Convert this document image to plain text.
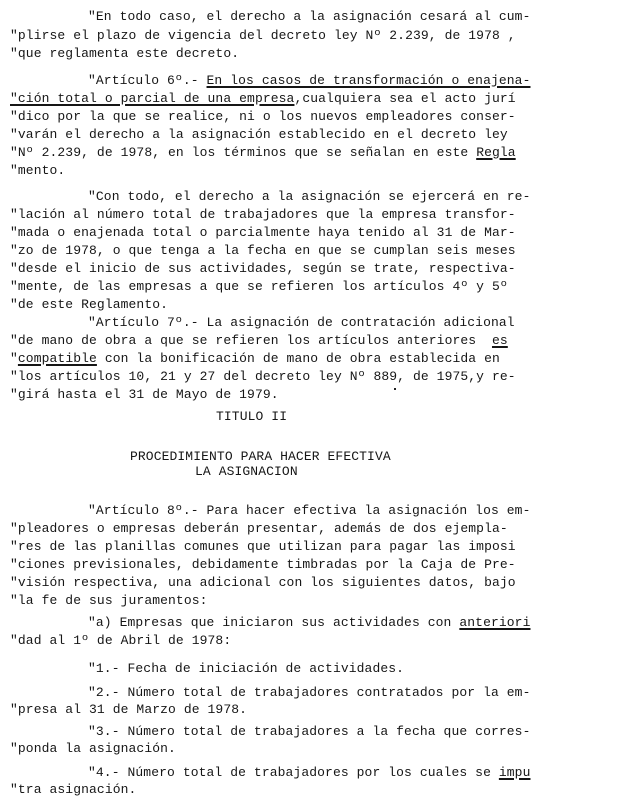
"En todo caso, el derecho a la asignación cesará al cum-
"plirse el plazo de vigencia del decreto ley Nº 2.239, de 1978 ,
"que reglamenta este decreto.
"Artículo 6º.- En los casos de transformación o enajena-
"ción total o parcial de una empresa,cualquiera sea el acto jurí
"dico por la que se realice, ni o los nuevos empleadores conser-
"varán el derecho a la asignación establecido en el decreto ley
"Nº 2.239, de 1978, en los términos que se señalan en este Regla
"mento.
"Con todo, el derecho a la asignación se ejercerá en re-
"lación al número total de trabajadores que la empresa transfor-
"mada o enajenada total o parcialmente haya tenido al 31 de Mar-
"zo de 1978, o que tenga a la fecha en que se cumplan seis meses
"desde el inicio de sus actividades, según se trate, respectiva-
"mente, de las empresas a que se refieren los artículos 4º y 5º
"de este Reglamento.
"Artículo 7º.- La asignación de contratación adicional
"de mano de obra a que se refieren los artículos anteriores  es
"compatible con la bonificación de mano de obra establecida en
"los artículos 10, 21 y 27 del decreto ley Nº 889, de 1975,y re-
"girá hasta el 31 de Mayo de 1979.
TITULO II
PROCEDIMIENTO PARA HACER EFECTIVA
LA ASIGNACION
"Artículo 8º.- Para hacer efectiva la asignación los em-
"pleadores o empresas deberán presentar, además de dos ejempla-
"res de las planillas comunes que utilizan para pagar las imposi
"ciones previsionales, debidamente timbradas por la Caja de Pre-
"visión respectiva, una adicional con los siguientes datos, bajo
"la fe de sus juramentos:
"a) Empresas que iniciaron sus actividades con anteriori
"dad al 1º de Abril de 1978:
"1.- Fecha de iniciación de actividades.
"2.- Número total de trabajadores contratados por la em-
"presa al 31 de Marzo de 1978.
"3.- Número total de trabajadores a la fecha que corres-
"ponda la asignación.
"4.- Número total de trabajadores por los cuales se impu
"tra asignación.
